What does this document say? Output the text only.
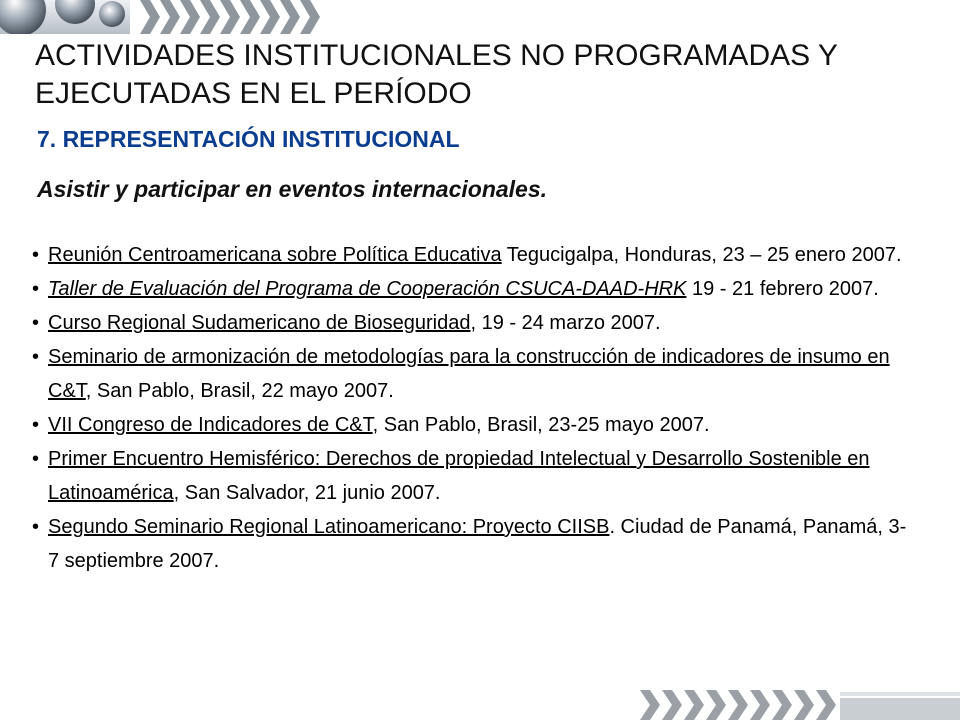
ACTIVIDADES INSTITUCIONALES NO PROGRAMADAS Y EJECUTADAS EN EL PERÍODO
7. REPRESENTACIÓN INSTITUCIONAL
Asistir y participar en eventos internacionales.
• Reunión Centroamericana sobre Política Educativa Tegucigalpa, Honduras, 23 – 25 enero 2007.
• Taller de Evaluación del Programa de Cooperación CSUCA-DAAD-HRK 19 - 21 febrero 2007.
• Curso Regional Sudamericano de Bioseguridad, 19 - 24 marzo 2007.
• Seminario de armonización de metodologías para la construcción de indicadores de insumo en C&T, San Pablo, Brasil, 22 mayo 2007.
• VII Congreso de Indicadores de C&T, San Pablo, Brasil, 23-25 mayo 2007.
• Primer Encuentro Hemisférico: Derechos de propiedad Intelectual y Desarrollo Sostenible en Latinoamérica, San Salvador, 21 junio 2007.
• Segundo Seminario Regional Latinoamericano: Proyecto CIISB. Ciudad de Panamá, Panamá, 3-7 septiembre 2007.
